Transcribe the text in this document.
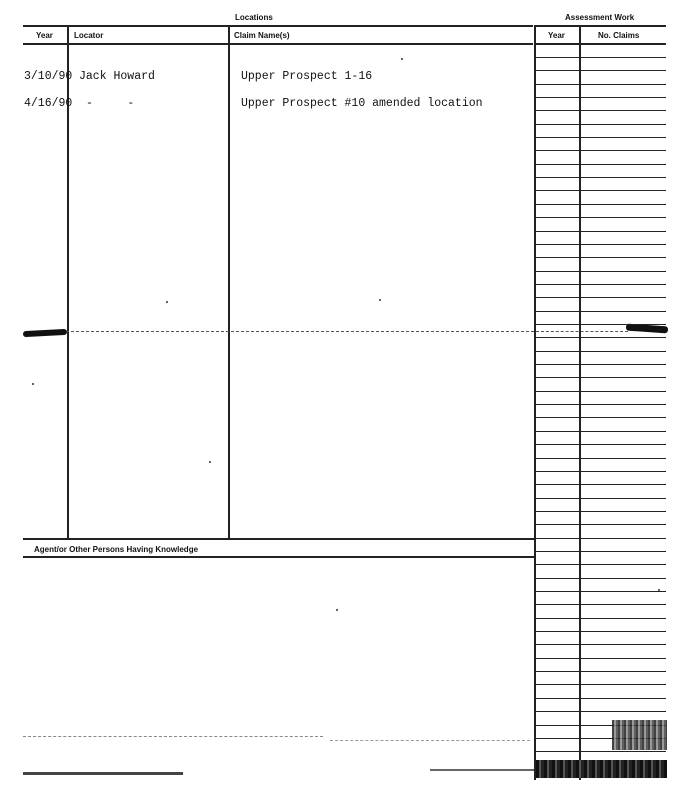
Locations	Assessment Work
Year	Locator	Claim Name(s)	Year	No. Claims
3/10/90 Jack Howard	Upper Prospect 1-16
4/16/90 -     -	Upper Prospect #10 amended location
Agent/or Other Persons Having Knowledge
